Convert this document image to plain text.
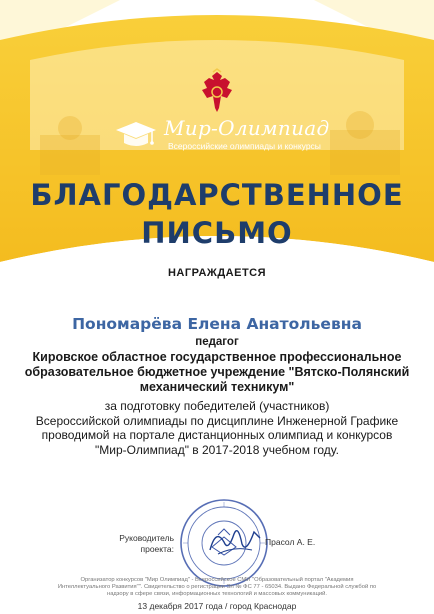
Мир-Олимпиад
Всероссийские олимпиады и конкурсы
БЛАГОДАРСТВЕННОЕ
ПИСЬМО
НАГРАЖДАЕТСЯ
Пономарёва Елена Анатольевна
педагог
Кировское областное государственное профессиональное образовательное бюджетное учреждение "Вятско-Полянский механический техникум"
за подготовку победителей (участников)
Всероссийской олимпиады по дисциплине Инженерной Графике
проводимой на портале дистанционных олимпиад и конкурсов
"Мир-Олимпиад" в 2017-2018 учебном году.
Руководитель
проекта:
Прасол А. Е.
Организатор конкурсов "Мир Олимпиад" - Всероссийское СМИ "Образовательный портал "Академия Интеллектуального Развития"". Свидетельство о регистрации Эл № ФС 77 - 65034. Выдано Федеральной службой по надзору в сфере связи, информационных технологий и массовых коммуникаций.
13 декабря 2017 года / город Краснодар
